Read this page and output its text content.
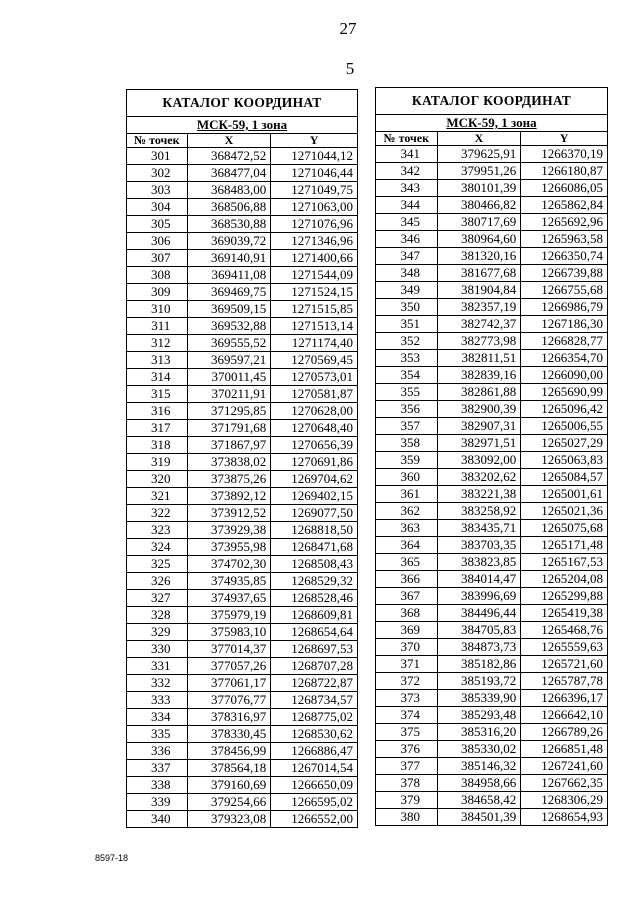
27
5
КАТАЛОГ КООРДИНАТ		
МСК-59, 1 зона		
№ точек	X	Y
301	368472,52	1271044,12
302	368477,04	1271046,44
303	368483,00	1271049,75
304	368506,88	1271063,00
305	368530,88	1271076,96
306	369039,72	1271346,96
307	369140,91	1271400,66
308	369411,08	1271544,09
309	369469,75	1271524,15
310	369509,15	1271515,85
311	369532,88	1271513,14
312	369555,52	1271174,40
313	369597,21	1270569,45
314	370011,45	1270573,01
315	370211,91	1270581,87
316	371295,85	1270628,00
317	371791,68	1270648,40
318	371867,97	1270656,39
319	373838,02	1270691,86
320	373875,26	1269704,62
321	373892,12	1269402,15
322	373912,52	1269077,50
323	373929,38	1268818,50
324	373955,98	1268471,68
325	374702,30	1268508,43
326	374935,85	1268529,32
327	374937,65	1268528,46
328	375979,19	1268609,81
329	375983,10	1268654,64
330	377014,37	1268697,53
331	377057,26	1268707,28
332	377061,17	1268722,87
333	377076,77	1268734,57
334	378316,97	1268775,02
335	378330,45	1268530,62
336	378456,99	1266886,47
337	378564,18	1267014,54
338	379160,69	1266650,09
339	379254,66	1266595,02
340	379323,08	1266552,00
КАТАЛОГ КООРДИНАТ		
МСК-59, 1 зона		
№ точек	X	Y
341	379625,91	1266370,19
342	379951,26	1266180,87
343	380101,39	1266086,05
344	380466,82	1265862,84
345	380717,69	1265692,96
346	380964,60	1265963,58
347	381320,16	1266350,74
348	381677,68	1266739,88
349	381904,84	1266755,68
350	382357,19	1266986,79
351	382742,37	1267186,30
352	382773,98	1266828,77
353	382811,51	1266354,70
354	382839,16	1266090,00
355	382861,88	1265690,99
356	382900,39	1265096,42
357	382907,31	1265006,55
358	382971,51	1265027,29
359	383092,00	1265063,83
360	383202,62	1265084,57
361	383221,38	1265001,61
362	383258,92	1265021,36
363	383435,71	1265075,68
364	383703,35	1265171,48
365	383823,85	1265167,53
366	384014,47	1265204,08
367	383996,69	1265299,88
368	384496,44	1265419,38
369	384705,83	1265468,76
370	384873,73	1265559,63
371	385182,86	1265721,60
372	385193,72	1265787,78
373	385339,90	1266396,17
374	385293,48	1266642,10
375	385316,20	1266789,26
376	385330,02	1266851,48
377	385146,32	1267241,60
378	384958,66	1267662,35
379	384658,42	1268306,29
380	384501,39	1268654,93
8597-18
